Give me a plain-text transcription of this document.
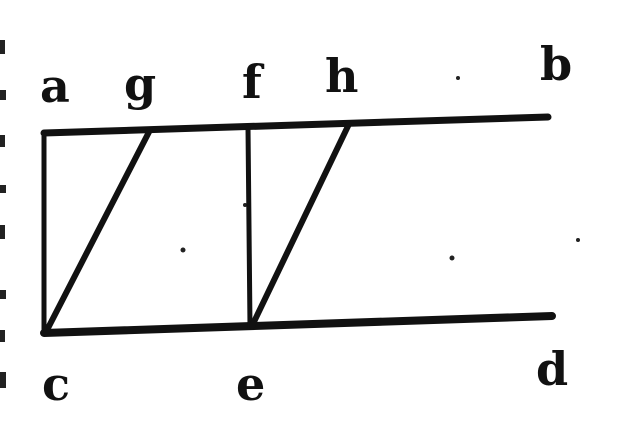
a g f h	b
c	e	d
